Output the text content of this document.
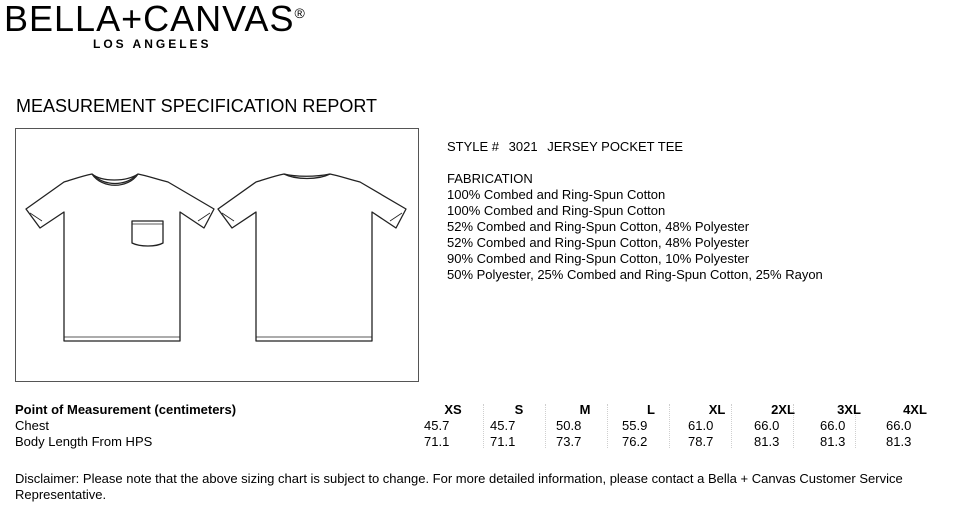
BELLA+CANVAS®
LOS ANGELES
MEASUREMENT SPECIFICATION REPORT
STYLE # 3021 JERSEY POCKET TEE
FABRICATION
100% Combed and Ring-Spun Cotton
100% Combed and Ring-Spun Cotton
52% Combed and Ring-Spun Cotton, 48% Polyester
52% Combed and Ring-Spun Cotton, 48% Polyester
90% Combed and Ring-Spun Cotton, 10% Polyester
50% Polyester, 25% Combed and Ring-Spun Cotton, 25% Rayon
Point of Measurement (centimeters)	XS	S	M	L	XL	2XL	3XL	4XL
Chest	45.7	45.7	50.8	55.9	61.0	66.0	66.0	66.0
Body Length From HPS	71.1	71.1	73.7	76.2	78.7	81.3	81.3	81.3
Disclaimer: Please note that the above sizing chart is subject to change. For more detailed information, please contact a Bella + Canvas Customer Service Representative.
